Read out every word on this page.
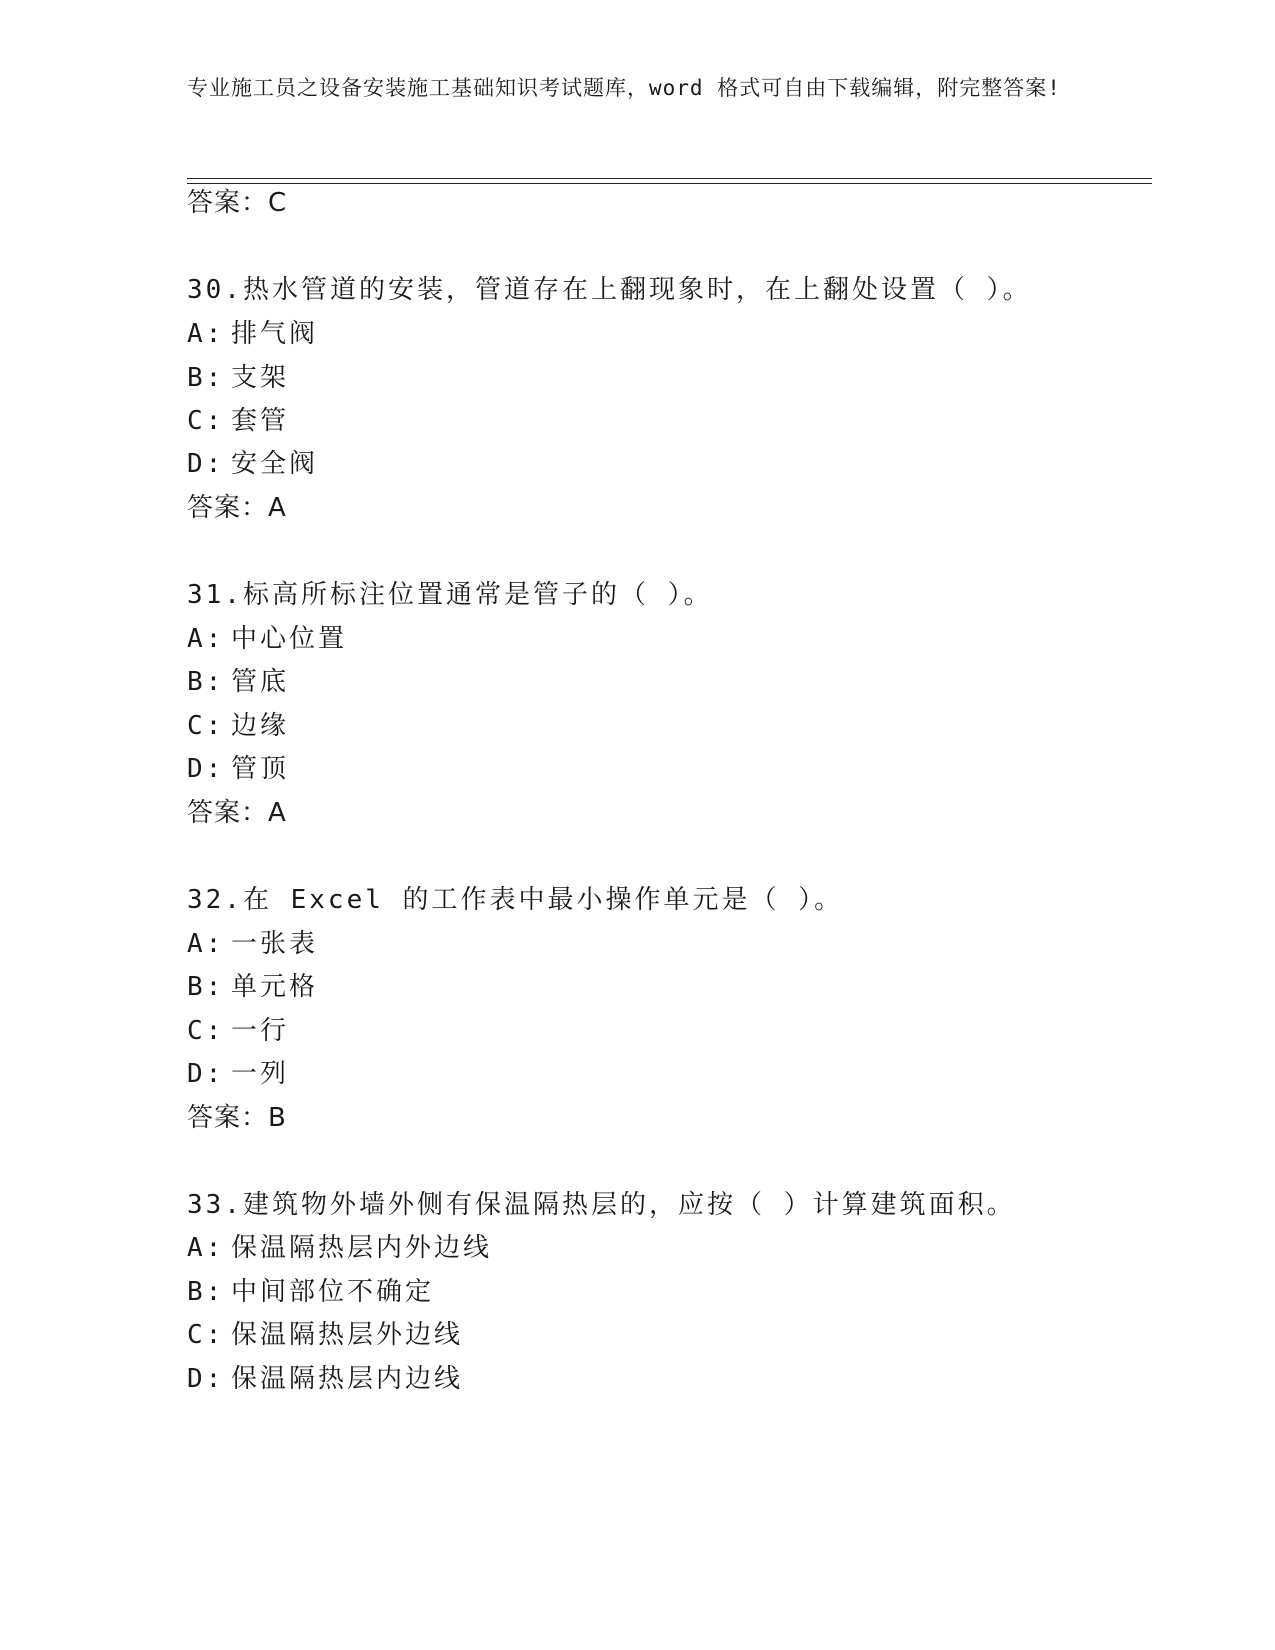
专业施工员之设备安装施工基础知识考试题库，word 格式可自由下载编辑，附完整答案!
答案：C
30.热水管道的安装，管道存在上翻现象时，在上翻处设置（ ）。
A: 排气阀
B: 支架
C: 套管
D: 安全阀
答案：A
31.标高所标注位置通常是管子的（ ）。
A: 中心位置
B: 管底
C: 边缘
D: 管顶
答案：A
32.在 Excel 的工作表中最小操作单元是（ ）。
A: 一张表
B: 单元格
C: 一行
D: 一列
答案：B
33.建筑物外墙外侧有保温隔热层的，应按（ ）计算建筑面积。
A: 保温隔热层内外边线
B: 中间部位不确定
C: 保温隔热层外边线
D: 保温隔热层内边线
